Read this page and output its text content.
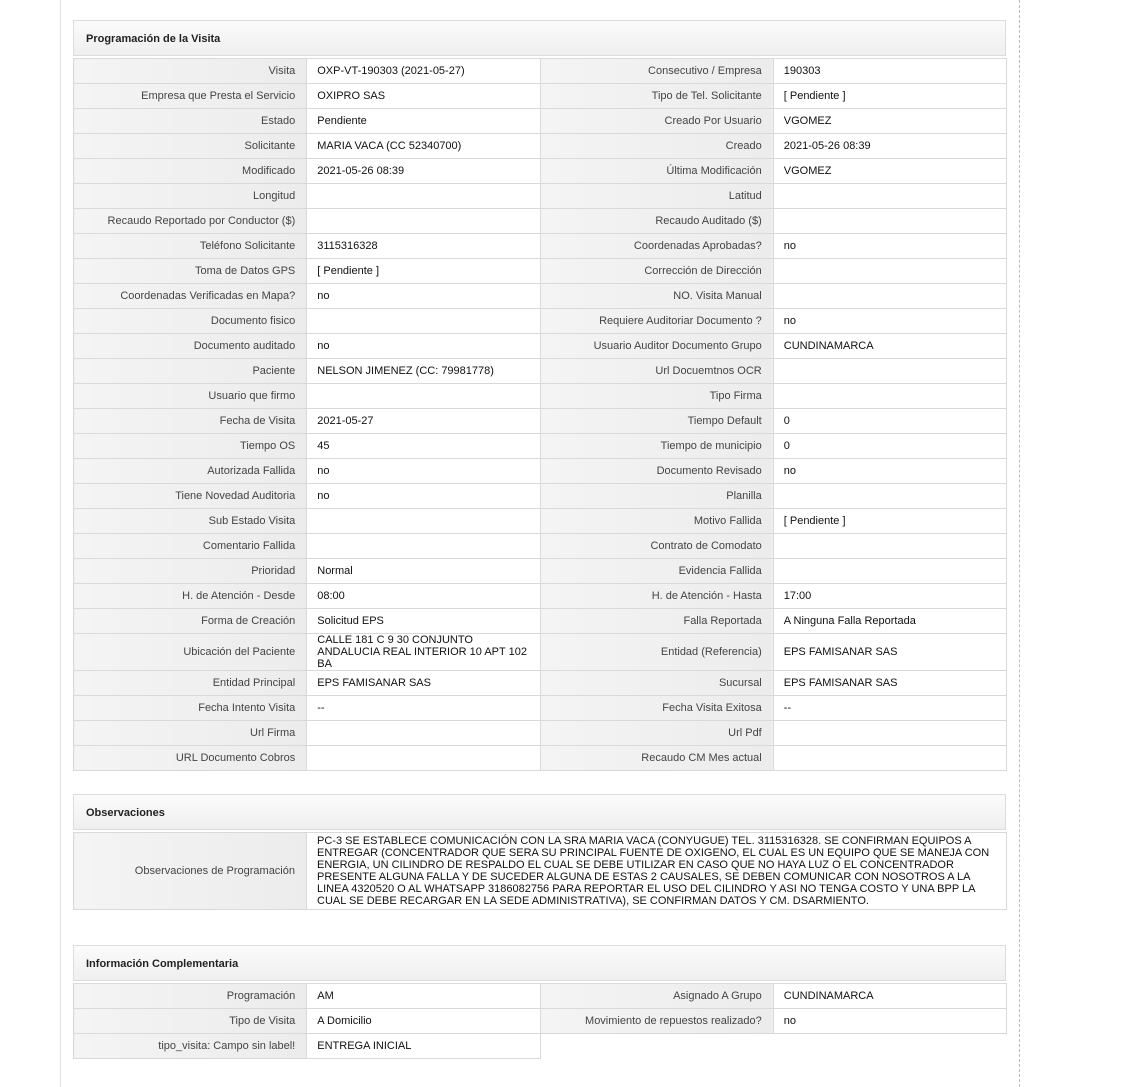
Programación de la Visita
Visita	OXP-VT-190303 (2021-05-27)	Consecutivo / Empresa	190303
Empresa que Presta el Servicio	OXIPRO SAS	Tipo de Tel. Solicitante	[ Pendiente ]
Estado	Pendiente	Creado Por Usuario	VGOMEZ
Solicitante	MARIA VACA (CC 52340700)	Creado	2021-05-26 08:39
Modificado	2021-05-26 08:39	Última Modificación	VGOMEZ
Longitud		Latitud	
Recaudo Reportado por Conductor ($)		Recaudo Auditado ($)	
Teléfono Solicitante	3115316328	Coordenadas Aprobadas?	no
Toma de Datos GPS	[ Pendiente ]	Corrección de Dirección	
Coordenadas Verificadas en Mapa?	no	NO. Visita Manual	
Documento fisico		Requiere Auditoriar Documento ?	no
Documento auditado	no	Usuario Auditor Documento Grupo	CUNDINAMARCA
Paciente	NELSON JIMENEZ (CC: 79981778)	Url Docuemtnos OCR	
Usuario que firmo		Tipo Firma	
Fecha de Visita	2021-05-27	Tiempo Default	0
Tiempo OS	45	Tiempo de municipio	0
Autorizada Fallida	no	Documento Revisado	no
Tiene Novedad Auditoria	no	Planilla	
Sub Estado Visita		Motivo Fallida	[ Pendiente ]
Comentario Fallida		Contrato de Comodato	
Prioridad	Normal	Evidencia Fallida	
H. de Atención - Desde	08:00	H. de Atención - Hasta	17:00
Forma de Creación	Solicitud EPS	Falla Reportada	A Ninguna Falla Reportada
Ubicación del Paciente	CALLE 181 C 9 30 CONJUNTO ANDALUCIA REAL INTERIOR 10 APT 102 BA	Entidad (Referencia)	EPS FAMISANAR SAS
Entidad Principal	EPS FAMISANAR SAS	Sucursal	EPS FAMISANAR SAS
Fecha Intento Visita	--	Fecha Visita Exitosa	--
Url Firma		Url Pdf	
URL Documento Cobros		Recaudo CM Mes actual	
Observaciones
Observaciones de Programación	PC-3 SE ESTABLECE COMUNICACIÓN CON LA SRA MARIA VACA (CONYUGUE) TEL. 3115316328. SE CONFIRMAN EQUIPOS A ENTREGAR (CONCENTRADOR QUE SERA SU PRINCIPAL FUENTE DE OXIGENO, EL CUAL ES UN EQUIPO QUE SE MANEJA CON ENERGIA, UN CILINDRO DE RESPALDO EL CUAL SE DEBE UTILIZAR EN CASO QUE NO HAYA LUZ O EL CONCENTRADOR PRESENTE ALGUNA FALLA Y DE SUCEDER ALGUNA DE ESTAS 2 CAUSALES, SE DEBEN COMUNICAR CON NOSOTROS A LA LINEA 4320520 O AL WHATSAPP 3186082756 PARA REPORTAR EL USO DEL CILINDRO Y ASI NO TENGA COSTO Y UNA BPP LA CUAL SE DEBE RECARGAR EN LA SEDE ADMINISTRATIVA), SE CONFIRMAN DATOS Y CM. DSARMIENTO.
Información Complementaria
Programación	AM	Asignado A Grupo	CUNDINAMARCA
Tipo de Visita	A Domicilio	Movimiento de repuestos realizado?	no
tipo_visita: Campo sin label!	ENTREGA INICIAL		
